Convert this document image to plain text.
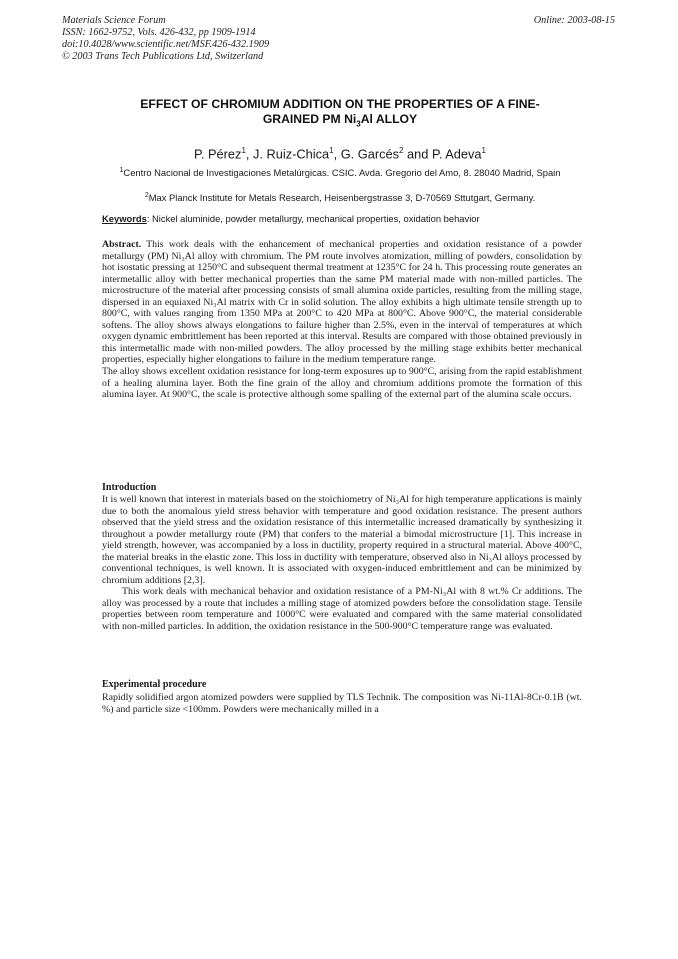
Materials Science Forum
ISSN: 1662-9752, Vols. 426-432, pp 1909-1914
doi:10.4028/www.scientific.net/MSF.426-432.1909
© 2003 Trans Tech Publications Ltd, Switzerland
Online: 2003-08-15
EFFECT OF CHROMIUM ADDITION ON THE PROPERTIES OF A FINE-
GRAINED PM $Ni_3Al$ ALLOY
P. Pérez$^1$, J. Ruiz-Chica$^1$, G. Garcés$^2$ and P. Adeva$^1$
$^1$Centro Nacional de Investigaciones Metalúrgicas. CSIC. Avda. Gregorio del Amo, 8. 28040 Madrid, Spain
$^2$Max Planck Institute for Metals Research, Heisenbergstrasse 3, D-70569 Sttutgart, Germany.
Keywords: Nickel aluminide, powder metallurgy, mechanical properties, oxidation behavior

Abstract. This work deals with the enhancement of mechanical properties and oxidation resistance of a powder metallurgy (PM) Ni₃Al alloy with chromium. The PM route involves atomization, milling of powders, consolidation by hot isostatic pressing at 1250°C and subsequent thermal treatment at 1235°C for 24 h. This processing route generates an intermetallic alloy with better mechanical properties than the same PM material made with non-milled particles. The microstructure of the material after processing consists of small alumina oxide particles, resulting from the milling stage, dispersed in an equiaxed Ni₃Al matrix with Cr in solid solution. The alloy exhibits a high ultimate tensile strength up to 800°C, with values ranging from 1350 MPa at 200°C to 420 MPa at 800°C. Above 900°C, the material considerable softens. The alloy shows always elongations to failure higher than 2.5%, even in the interval of temperatures at which oxygen dynamic embrittlement has been reported at this interval. Results are compared with those obtained previously in this intermetallic made with non-milled powders. The alloy processed by the milling stage exhibits better mechanical properties, especially higher elongations to failure in the medium temperature range.

The alloy shows excellent oxidation resistance for long-term exposures up to 900°C, arising from the rapid establishment of a healing alumina layer. Both the fine grain of the alloy and chromium additions promote the formation of this alumina layer. At 900°C, the scale is protective although some spalling of the external part of the alumina scale occurs.

Introduction

It is well known that interest in materials based on the stoichiometry of Ni₃Al for high temperature applications is mainly due to both the anomalous yield stress behavior with temperature and good oxidation resistance. The present authors observed that the yield stress and the oxidation resistance of this intermetallic increased dramatically by synthesizing it throughout a powder metallurgy route (PM) that confers to the material a bimodal microstructure [1]. This increase in yield strength, however, was accompanied by a loss in ductility, property required in a structural material. Above 400°C, the material breaks in the elastic zone. This loss in ductility with temperature, observed also in Ni₃Al alloys processed by conventional techniques, is well known. It is associated with oxygen-induced embrittlement and can be minimized by chromium additions [2,3].

This work deals with mechanical behavior and oxidation resistance of a PM-Ni₃Al with 8 wt.% Cr additions. The alloy was processed by a route that includes a milling stage of atomized powders before the consolidation stage. Tensile properties between room temperature and 1000°C were evaluated and compared with the same material consolidated with non-milled particles. In addition, the oxidation resistance in the 500-900°C temperature range was evaluated.

Experimental procedure

Rapidly solidified argon atomized powders were supplied by TLS Technik. The composition was Ni-11Al-8Cr-0.1B (wt. %) and particle size <100mm. Powders were mechanically milled in a
